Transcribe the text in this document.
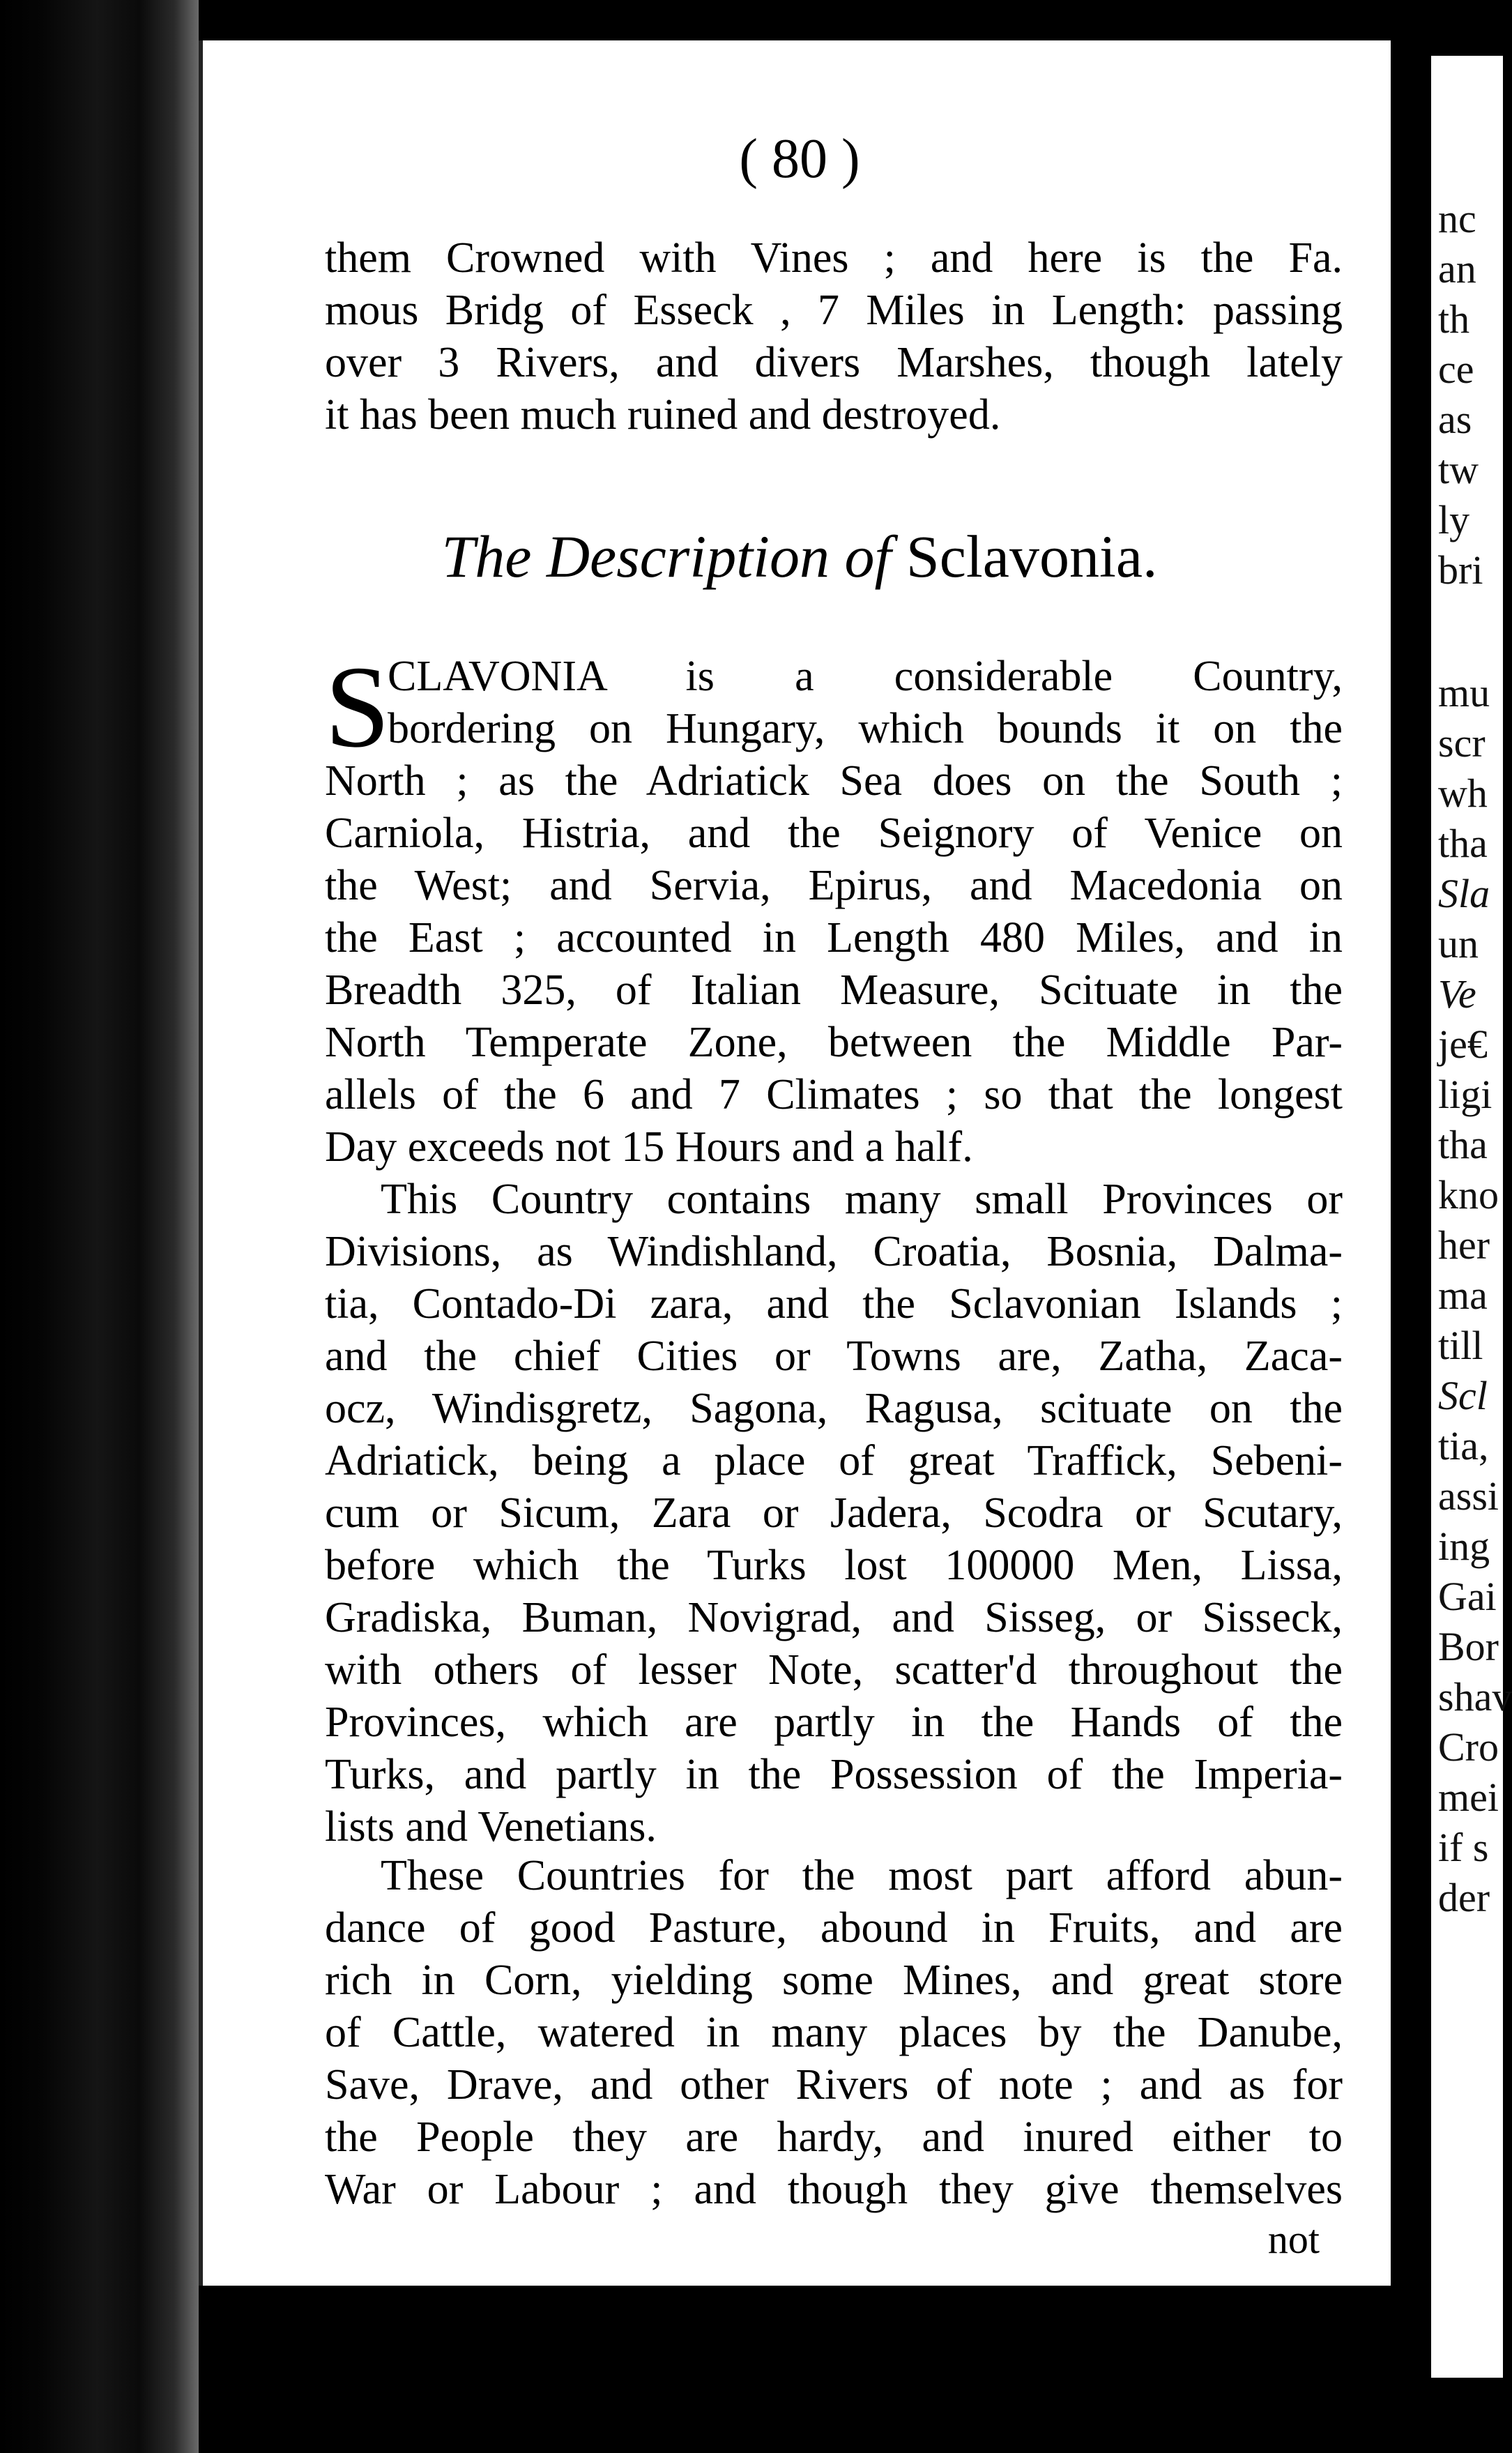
( 80 )
them Crowned with Vines ; and here is the Fa.
mous Bridg of Esseck , 7 Miles in Length: passing
over 3 Rivers, and divers Marshes, though lately
it has been much ruined and destroyed.
The Description of Sclavonia.
S
CLAVONIA is a considerable Country,
bordering on Hungary, which bounds it on the
North ; as the Adriatick Sea does on the South ;
Carniola, Histria, and the Seignory of Venice on
the West; and Servia, Epirus, and Macedonia on
the East ; accounted in Length 480 Miles, and in
Breadth 325, of Italian Measure, Scituate in the
North Temperate Zone, between the Middle Par-
allels of the 6 and 7 Climates ; so that the longest
Day exceeds not 15 Hours and a half.
This Country contains many small Provinces or
Divisions, as Windishland, Croatia, Bosnia, Dalma-
tia, Contado-Di zara, and the Sclavonian Islands ;
and the chief Cities or Towns are, Zatha, Zaca-
ocz, Windisgretz, Sagona, Ragusa, scituate on the
Adriatick, being a place of great Traffick, Sebeni-
cum or Sicum, Zara or Jadera, Scodra or Scutary,
before which the Turks lost 100000 Men, Lissa,
Gradiska, Buman, Novigrad, and Sisseg, or Sisseck,
with others of lesser Note, scatter'd throughout the
Provinces, which are partly in the Hands of the
Turks, and partly in the Possession of the Imperia-
lists and Venetians.
These Countries for the most part afford abun-
dance of good Pasture, abound in Fruits, and are
rich in Corn, yielding some Mines, and great store
of Cattle, watered in many places by the Danube,
Save, Drave, and other Rivers of note ; and as for
the People they are hardy, and inured either to
War or Labour ; and though they give themselves
not
nc
an
th
ce
as
tw
ly
bri
mu
scr
wh
tha
Sla
un
Ve
je€
ligi
tha
kno
her
ma
till
Scl
tia,
assi
ing
Gai
Bor
shav
Cro
mei
if s
der
